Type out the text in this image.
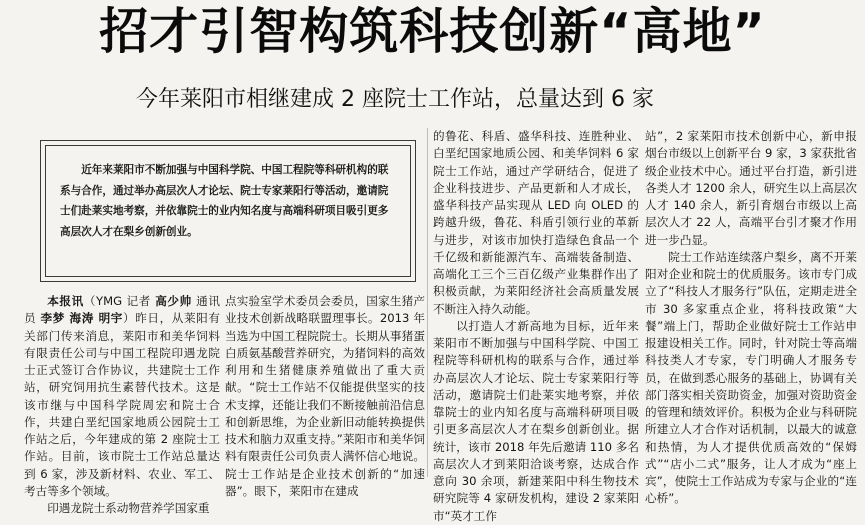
招才引智构筑科技创新“高地”
今年莱阳市相继建成 2 座院士工作站，总量达到 6 家

近年来莱阳市不断加强与中国科学院、中国工程院等科研机构的联系与合作，通过举办高层次人才论坛、院士专家莱阳行等活动，邀请院士们赴莱实地考察，并依靠院士的业内知名度与高端科研项目吸引更多高层次人才在梨乡创新创业。

本报讯（YMG 记者 高少帅 通讯员 李梦 海涛 明宇）昨日，从莱阳有关部门传来消息，莱阳市和美华饲料有限责任公司与中国工程院印遇龙院士正式签订合作协议，共建院士工作站，研究饲用抗生素替代技术。这是该市继与中国科学院周宏和院士合作，共建白垩纪国家地质公园院士工作站之后，今年建成的第 2 座院士工作站。目前，该市院士工作站总量达到 6 家，涉及新材料、农业、军工、考古等多个领域。

印遇龙院士系动物营养学国家重

点实验室学术委员会委员，国家生猪产业技术创新战略联盟理事长。2013 年当选为中国工程院院士。长期从事猪蛋白质氨基酸营养研究，为猪饲料的高效利用和生猪健康养殖做出了重大贡献。“院士工作站不仅能提供坚实的技术支撑，还能让我们不断接触前沿信息和创新思维，为企业新旧动能转换提供技术和脑力双重支持。”莱阳市和美华饲料有限责任公司负责人满怀信心地说。院士工作站是企业技术创新的“加速器”。眼下，莱阳市在建成

的鲁花、科盾、盛华科技、连胜种业、白垩纪国家地质公园、和美华饲料 6 家院士工作站，通过产学研结合，促进了企业科技进步、产品更新和人才成长，盛华科技产品实现从 LED 向 OLED 的跨越升级，鲁花、科盾引领行业的革新与进步，对该市加快打造绿色食品一个千亿级和新能源汽车、高端装备制造、高端化工三个三百亿级产业集群作出了积极贡献，为莱阳经济社会高质量发展不断注入持久动能。

以打造人才新高地为目标，近年来莱阳市不断加强与中国科学院、中国工程院等科研机构的联系与合作，通过举办高层次人才论坛、院士专家莱阳行等活动，邀请院士们赴莱实地考察，并依靠院士的业内知名度与高端科研项目吸引更多高层次人才在梨乡创新创业。据统计，该市 2018 年先后邀请 110 多名高层次人才到莱阳洽谈考察，达成合作意向 30 余项，新建莱阳中科生物技术研究院等 4 家研发机构，建设 2 家莱阳市“英才工作

站”，2 家莱阳市技术创新中心，新申报烟台市级以上创新平台 9 家，3 家获批省级企业技术中心。通过平台打造，新引进各类人才 1200 余人，研究生以上高层次人才 140 余人，新引育烟台市级以上高层次人才 22 人，高端平台引才聚才作用进一步凸显。

院士工作站连续落户梨乡，离不开莱阳对企业和院士的优质服务。该市专门成立了“科技人才服务行”队伍，定期走进全市 30 多家重点企业，将科技政策“大餐”端上门，帮助企业做好院士工作站申报建设相关工作。同时，针对院士等高端科技类人才专家，专门明确人才服务专员，在做到悉心服务的基础上，协调有关部门落实相关资助资金，加强对资助资金的管理和绩效评价。积极为企业与科研院所建立人才合作对话机制，以最大的诚意和热情，为人才提供优质高效的“保姆式”“店小二式”服务，让人才成为“座上宾”，使院士工作站成为专家与企业的“连心桥”。
